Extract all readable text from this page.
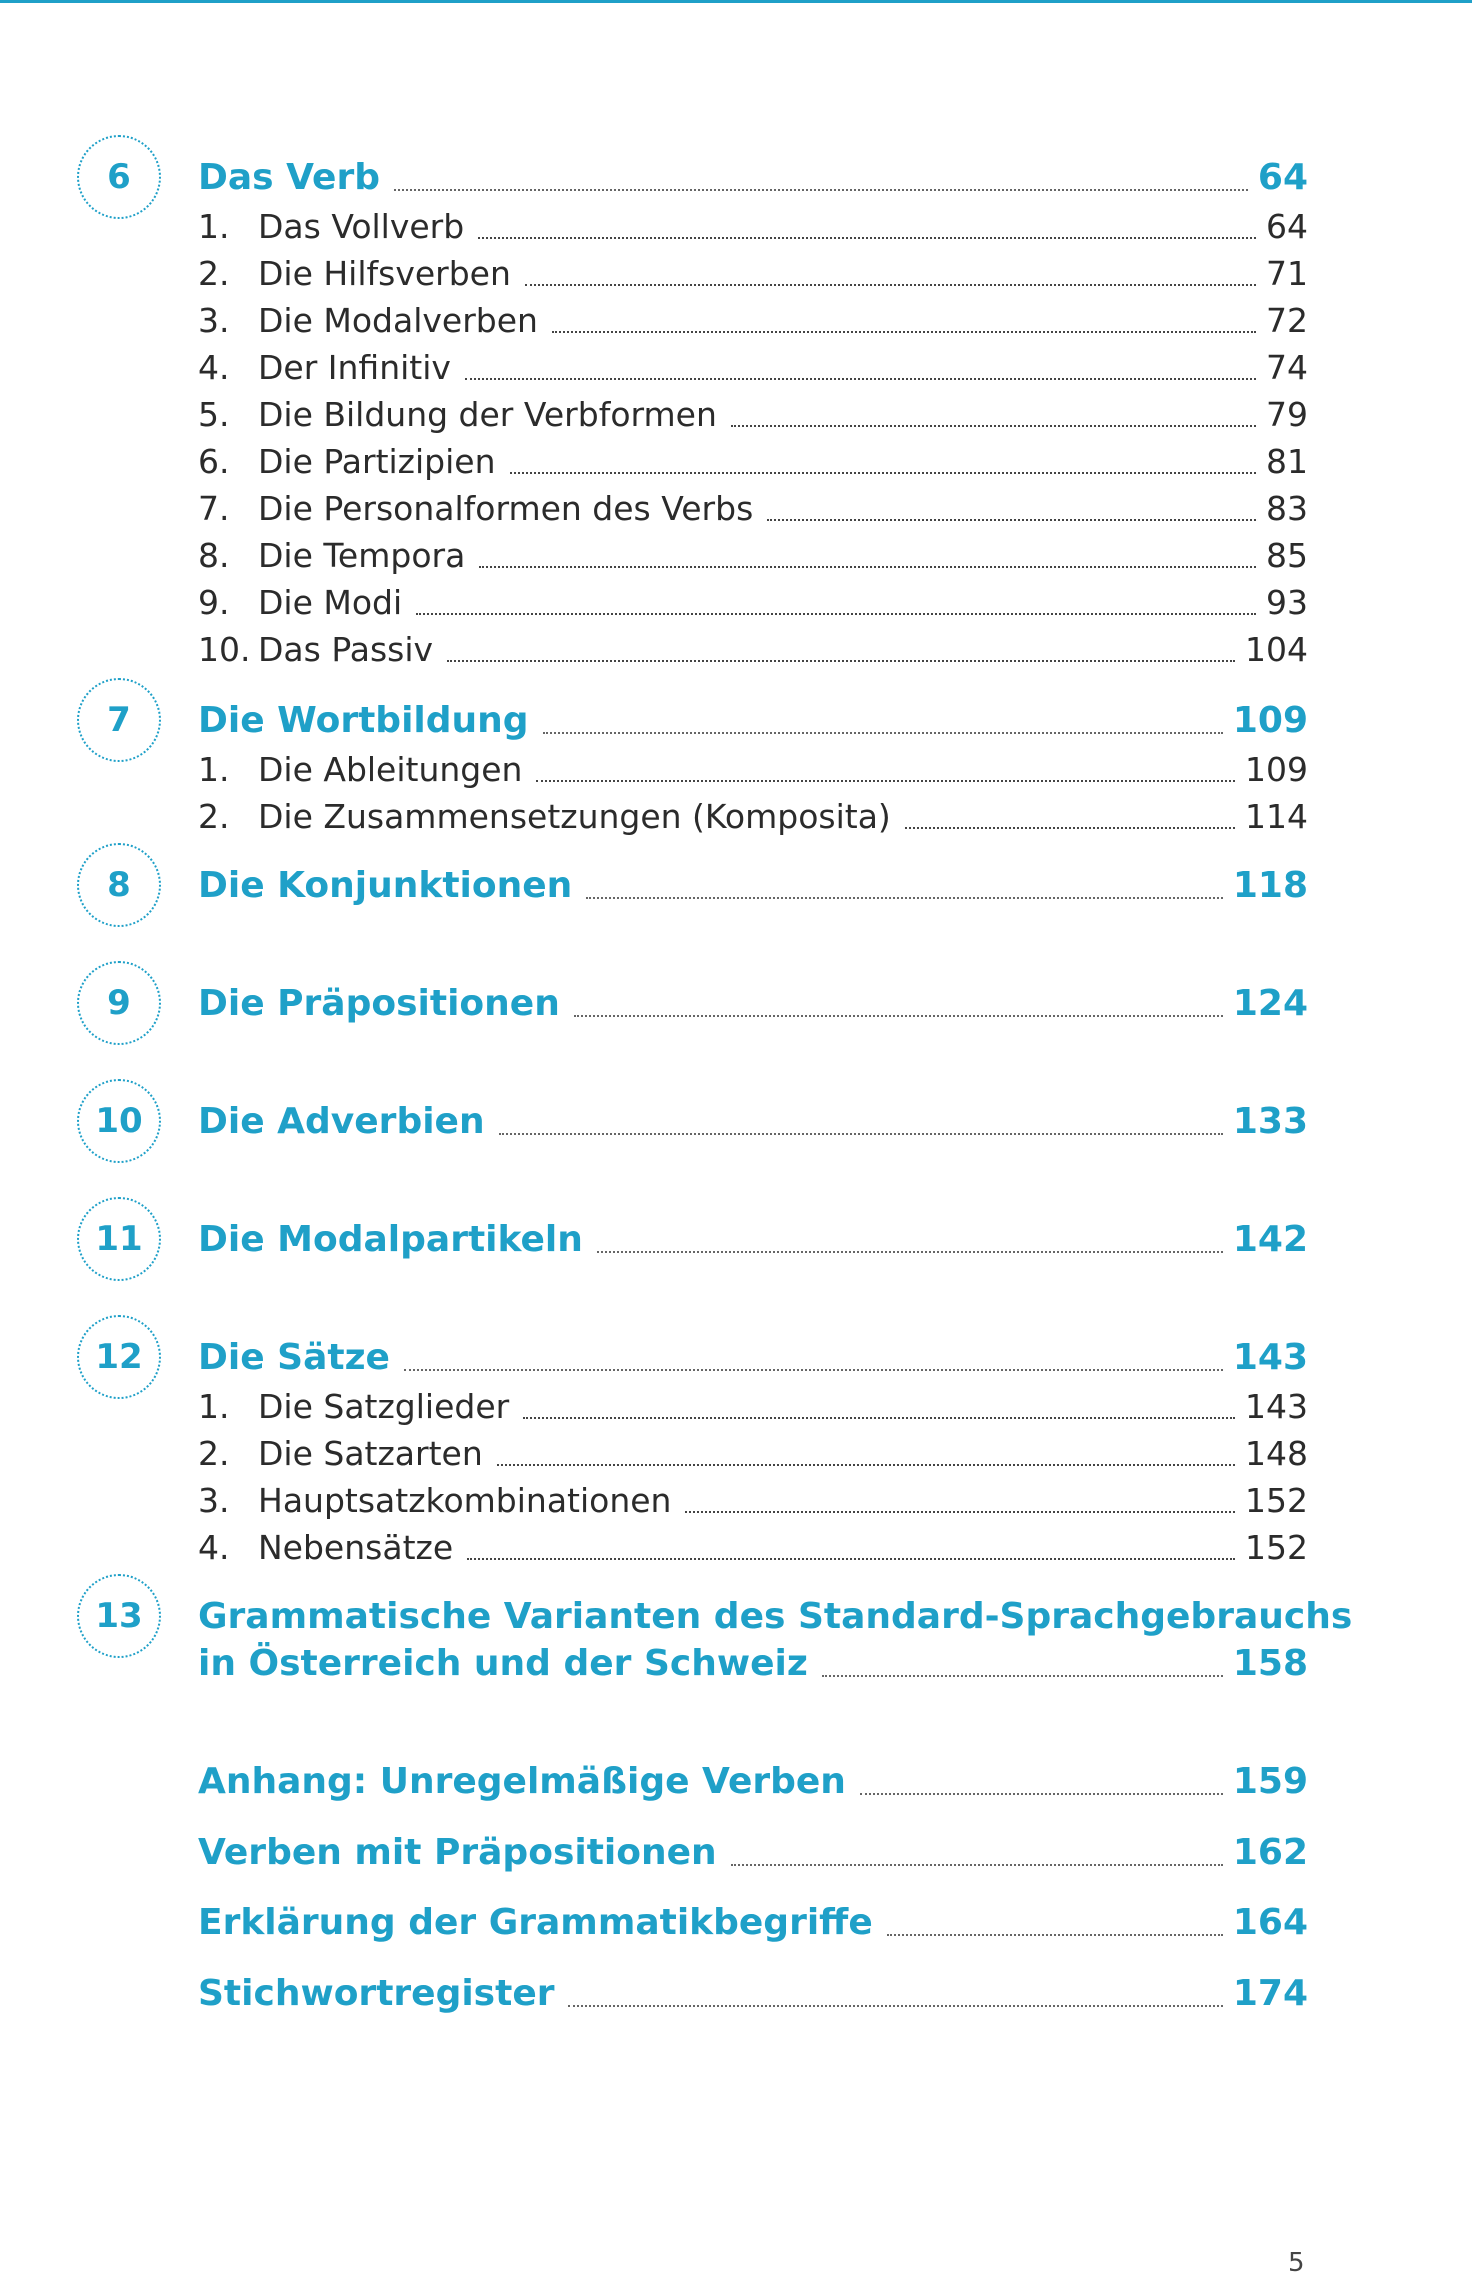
6 Das Verb	64
1. Das Vollverb	64
2. Die Hilfsverben	71
3. Die Modalverben	72
4. Der Infinitiv	74
5. Die Bildung der Verbformen	79
6. Die Partizipien	81
7. Die Personalformen des Verbs	83
8. Die Tempora	85
9. Die Modi	93
10. Das Passiv	104
7 Die Wortbildung	109
1. Die Ableitungen	109
2. Die Zusammensetzungen (Komposita)	114
8 Die Konjunktionen	118
9 Die Präpositionen	124
10 Die Adverbien	133
11 Die Modalpartikeln	142
12 Die Sätze	143
1. Die Satzglieder	143
2. Die Satzarten	148
3. Hauptsatzkombinationen	152
4. Nebensätze	152
13 Grammatische Varianten des Standard-Sprachgebrauchs
in Österreich und der Schweiz	158
Anhang: Unregelmäßige Verben	159
Verben mit Präpositionen	162
Erklärung der Grammatikbegriffe	164
Stichwortregister	174
5
